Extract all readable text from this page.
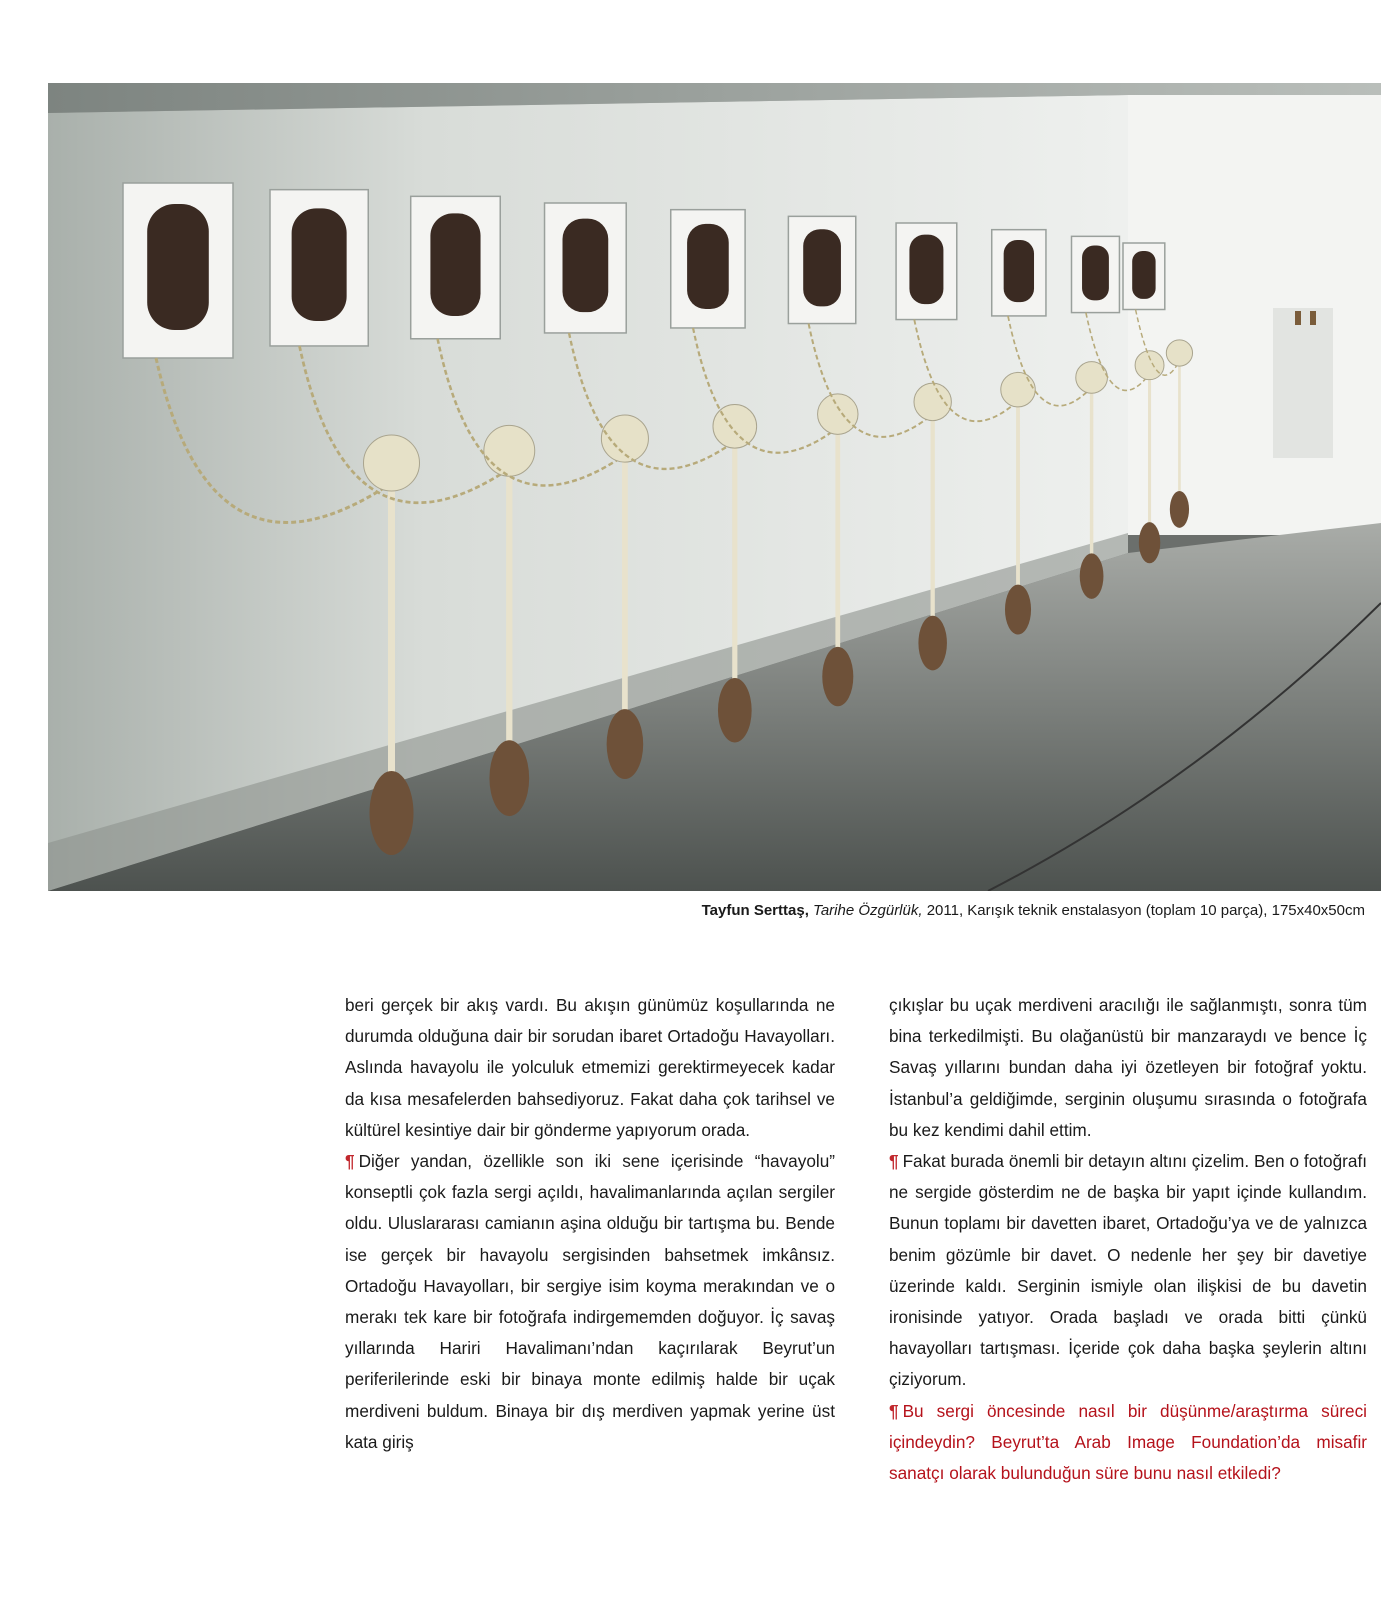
Tayfun Serttaş, Tarihe Özgürlük, 2011, Karışık teknik enstalasyon (toplam 10 parça), 175x40x50cm

beri gerçek bir akış vardı. Bu akışın günümüz koşullarında ne durumda olduğuna dair bir sorudan ibaret Ortadoğu Havayolları. Aslında havayolu ile yolculuk etmemizi gerektirmeyecek kadar da kısa mesafelerden bahsediyoruz. Fakat daha çok tarihsel ve kültürel kesintiye dair bir gönderme yapıyorum orada.

¶ Diğer yandan, özellikle son iki sene içerisinde “havayolu” konseptli çok fazla sergi açıldı, havalimanlarında açılan sergiler oldu. Uluslararası camianın aşina olduğu bir tartışma bu. Bende ise gerçek bir havayolu sergisinden bahsetmek imkânsız. Ortadoğu Havayolları, bir sergiye isim koyma merakından ve o merakı tek kare bir fotoğrafa indirgememden doğuyor. İç savaş yıllarında Hariri Havalimanı’ndan kaçırılarak Beyrut’un periferilerinde eski bir binaya monte edilmiş halde bir uçak merdiveni buldum. Binaya bir dış merdiven yapmak yerine üst kata giriş

çıkışlar bu uçak merdiveni aracılığı ile sağlanmıştı, sonra tüm bina terkedilmişti. Bu olağanüstü bir manzaraydı ve bence İç Savaş yıllarını bundan daha iyi özetleyen bir fotoğraf yoktu. İstanbul’a geldiğimde, serginin oluşumu sırasında o fotoğrafa bu kez kendimi dahil ettim.

¶ Fakat burada önemli bir detayın altını çizelim. Ben o fotoğrafı ne sergide gösterdim ne de başka bir yapıt içinde kullandım. Bunun toplamı bir davetten ibaret, Ortadoğu’ya ve de yalnızca benim gözümle bir davet. O nedenle her şey bir davetiye üzerinde kaldı. Serginin ismiyle olan ilişkisi de bu davetin ironisinde yatıyor. Orada başladı ve orada bitti çünkü havayolları tartışması. İçeride çok daha başka şeylerin altını çiziyorum.

¶ Bu sergi öncesinde nasıl bir düşünme/araştırma süreci içindeydin? Beyrut’ta Arab Image Foundation’da misafir sanatçı olarak bulunduğun süre bunu nasıl etkiledi?
